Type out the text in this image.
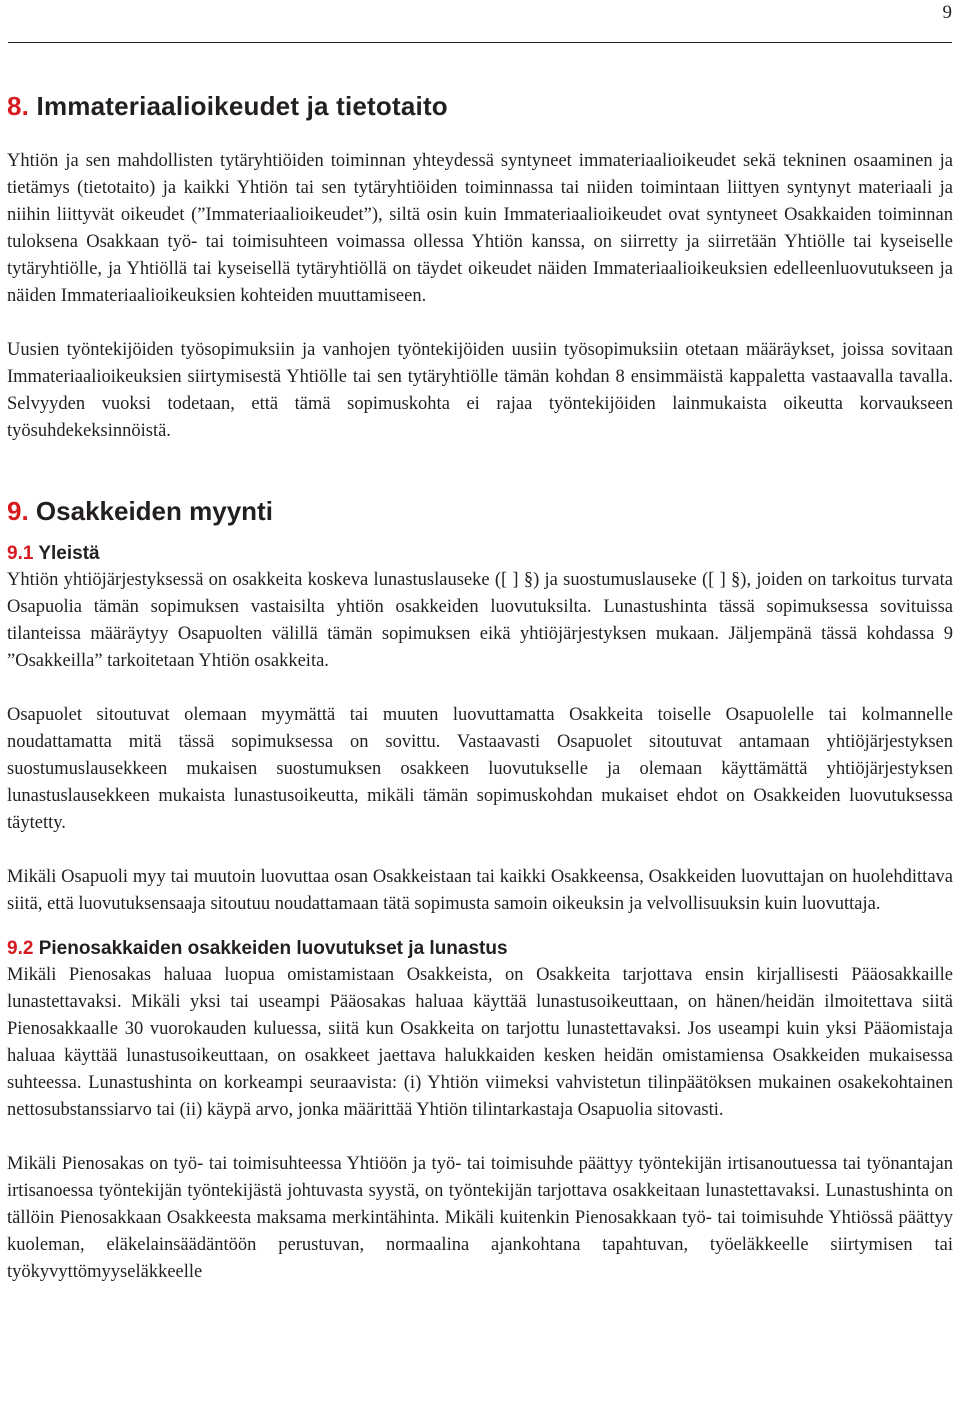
9
8. Immateriaalioikeudet ja tietotaito

Yhtiön ja sen mahdollisten tytäryhtiöiden toiminnan yhteydessä syntyneet immateriaalioikeudet sekä tekninen osaaminen ja tietämys (tietotaito) ja kaikki Yhtiön tai sen tytäryhtiöiden toiminnassa tai niiden toimintaan liittyen syntynyt materiaali ja niihin liittyvät oikeudet (”Immateriaalioikeudet”), siltä osin kuin Immateriaalioikeudet ovat syntyneet Osakkaiden toiminnan tuloksena Osakkaan työ- tai toimisuhteen voimassa ollessa Yhtiön kanssa, on siirretty ja siirretään Yhtiölle tai kyseiselle tytäryhtiölle, ja Yhtiöllä tai kyseisellä tytäryhtiöllä on täydet oikeudet näiden Immateriaalioikeuksien edelleenluovutukseen ja näiden Immateriaalioikeuksien kohteiden muuttamiseen.

Uusien työntekijöiden työsopimuksiin ja vanhojen työntekijöiden uusiin työsopimuksiin otetaan määräykset, joissa sovitaan Immateriaalioikeuksien siirtymisestä Yhtiölle tai sen tytäryhtiölle tämän kohdan 8 ensimmäistä kappaletta vastaavalla tavalla. Selvyyden vuoksi todetaan, että tämä sopimuskohta ei rajaa työntekijöiden lainmukaista oikeutta korvaukseen työsuhdekeksinnöistä.

9. Osakkeiden myynti
9.1 Yleistä

Yhtiön yhtiöjärjestyksessä on osakkeita koskeva lunastuslauseke ([ ] §) ja suostumuslauseke ([ ] §), joiden on tarkoitus turvata Osapuolia tämän sopimuksen vastaisilta yhtiön osakkeiden luovutuksilta. Lunastushinta tässä sopimuksessa sovituissa tilanteissa määräytyy Osapuolten välillä tämän sopimuksen eikä yhtiöjärjestyksen mukaan. Jäljempänä tässä kohdassa 9 ”Osakkeilla” tarkoitetaan Yhtiön osakkeita.

Osapuolet sitoutuvat olemaan myymättä tai muuten luovuttamatta Osakkeita toiselle Osapuolelle tai kolmannelle noudattamatta mitä tässä sopimuksessa on sovittu. Vastaavasti Osapuolet sitoutuvat antamaan yhtiöjärjestyksen suostumuslausekkeen mukaisen suostumuksen osakkeen luovutukselle ja olemaan käyttämättä yhtiöjärjestyksen lunastuslausekkeen mukaista lunastusoikeutta, mikäli tämän sopimuskohdan mukaiset ehdot on Osakkeiden luovutuksessa täytetty.

Mikäli Osapuoli myy tai muutoin luovuttaa osan Osakkeistaan tai kaikki Osakkeensa, Osakkeiden luovuttajan on huolehdittava siitä, että luovutuksensaaja sitoutuu noudattamaan tätä sopimusta samoin oikeuksin ja velvollisuuksin kuin luovuttaja.

9.2 Pienosakkaiden osakkeiden luovutukset ja lunastus

Mikäli Pienosakas haluaa luopua omistamistaan Osakkeista, on Osakkeita tarjottava ensin kirjallisesti Pääosakkaille lunastettavaksi. Mikäli yksi tai useampi Pääosakas haluaa käyttää lunastusoikeuttaan, on hänen/heidän ilmoitettava siitä Pienosakkaalle 30 vuorokauden kuluessa, siitä kun Osakkeita on tarjottu lunastettavaksi. Jos useampi kuin yksi Pääomistaja haluaa käyttää lunastusoikeuttaan, on osakkeet jaettava halukkaiden kesken heidän omistamiensa Osakkeiden mukaisessa suhteessa. Lunastushinta on korkeampi seuraavista: (i) Yhtiön viimeksi vahvistetun tilinpäätöksen mukainen osakekohtainen nettosubstanssiarvo tai (ii) käypä arvo, jonka määrittää Yhtiön tilintarkastaja Osapuolia sitovasti.

Mikäli Pienosakas on työ- tai toimisuhteessa Yhtiöön ja työ- tai toimisuhde päättyy työntekijän irtisanoutuessa tai työnantajan irtisanoessa työntekijän työntekijästä johtuvasta syystä, on työntekijän tarjottava osakkeitaan lunastettavaksi. Lunastushinta on tällöin Pienosakkaan Osakkeesta maksama merkintähinta. Mikäli kuitenkin Pienosakkaan työ- tai toimisuhde Yhtiössä päättyy kuoleman, eläkelainsäädäntöön perustuvan, normaalina ajankohtana tapahtuvan, työeläkkeelle siirtymisen tai työkyvyttömyyseläkkeelle
